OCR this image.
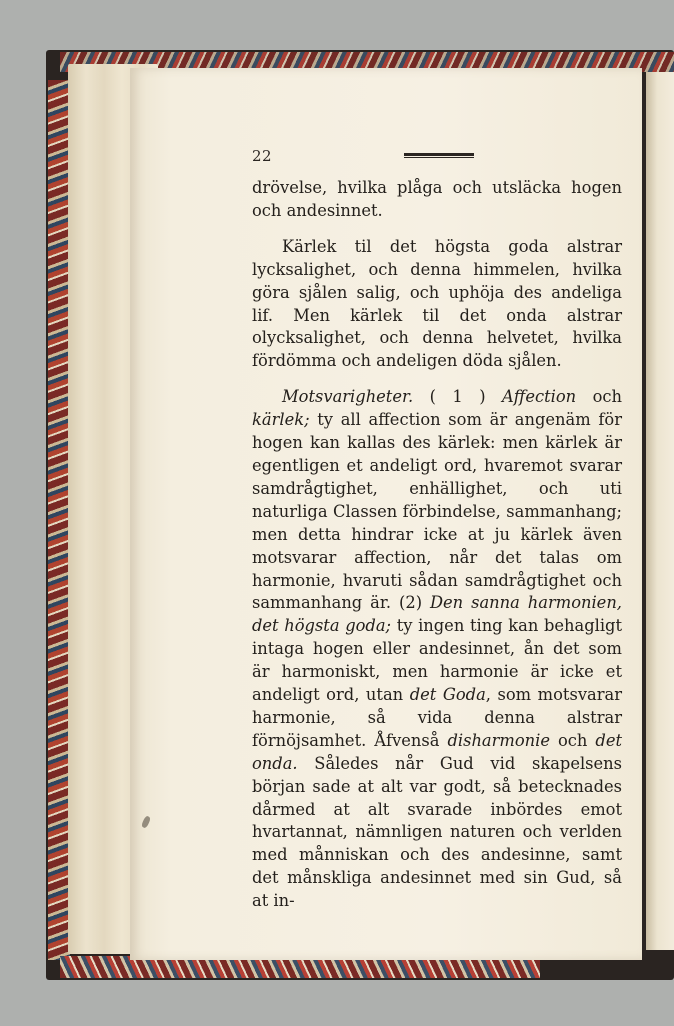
22

drövelse, hvilka plåga och utsläcka hogen och andesinnet.

Kärlek til det högsta goda alstrar lycksalighet, och denna himmelen, hvilka göra sjålen salig, och uphöja des andeliga lif. Men kärlek til det onda alstrar olycksalighet, och denna helvetet, hvilka fördömma och andeligen döda sjålen.

Motsvarigheter. ( 1 ) Affection och kärlek; ty all affection som är angenäm för hogen kan kallas des kärlek: men kärlek är egentligen et andeligt ord, hvaremot svarar samdrågtighet, enhällighet, och uti naturliga Classen förbindelse, sammanhang; men detta hindrar icke at ju kärlek även motsvarar affection, når det talas om harmonie, hvaruti sådan samdrågtighet och sammanhang är. (2) Den sanna harmonien, det högsta goda; ty ingen ting kan behagligt intaga hogen eller andesinnet, ån det som är harmoniskt, men harmonie är icke et andeligt ord, utan det Goda, som motsvarar harmonie, så vida denna alstrar förnöjsamhet. Åfvenså disharmonie och det onda. Således når Gud vid skapelsens början sade at alt var godt, så betecknades dårmed at alt svarade inbördes emot hvartannat, nämnligen naturen och verlden med månniskan och des andesinne, samt det månskliga andesinnet med sin Gud, så at in-
